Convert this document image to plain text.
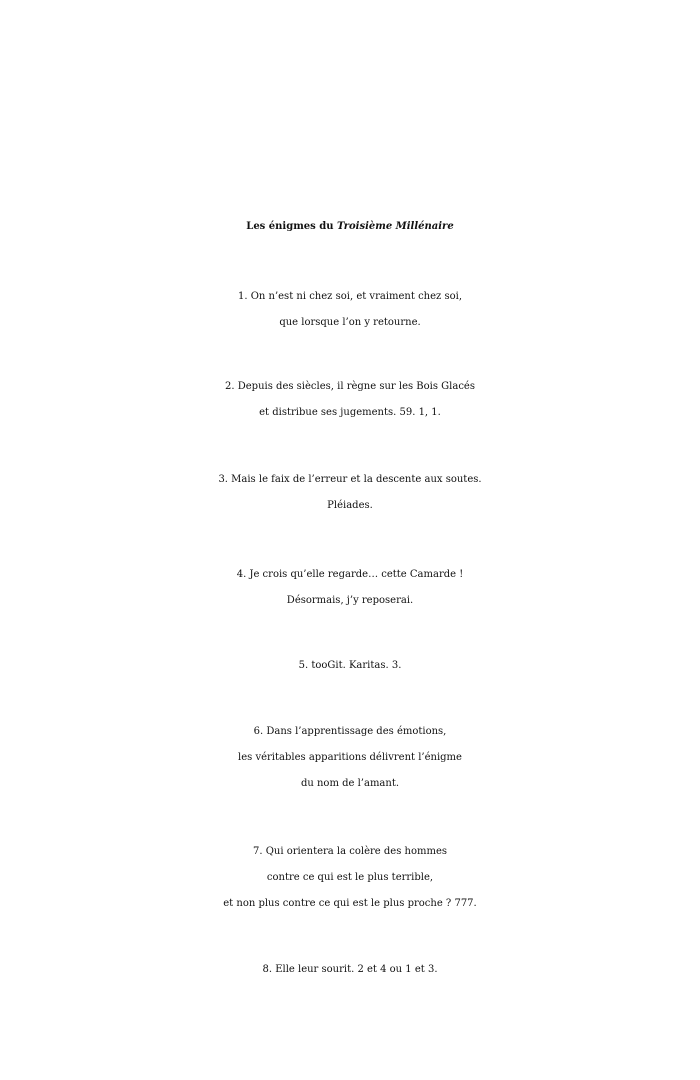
Les énigmes du Troisième Millénaire
1. On n’est ni chez soi, et vraiment chez soi,
que lorsque l’on y retourne.
2. Depuis des siècles, il règne sur les Bois Glacés
et distribue ses jugements. 59. 1, 1.
3. Mais le faix de l’erreur et la descente aux soutes.
Pléiades.
4. Je crois qu’elle regarde… cette Camarde !
Désormais, j’y reposerai.
5. tooGit. Karitas. 3.
6. Dans l’apprentissage des émotions,
les véritables apparitions délivrent l’énigme
du nom de l’amant.
7. Qui orientera la colère des hommes
contre ce qui est le plus terrible,
et non plus contre ce qui est le plus proche ? 777.
8. Elle leur sourit. 2 et 4 ou 1 et 3.
